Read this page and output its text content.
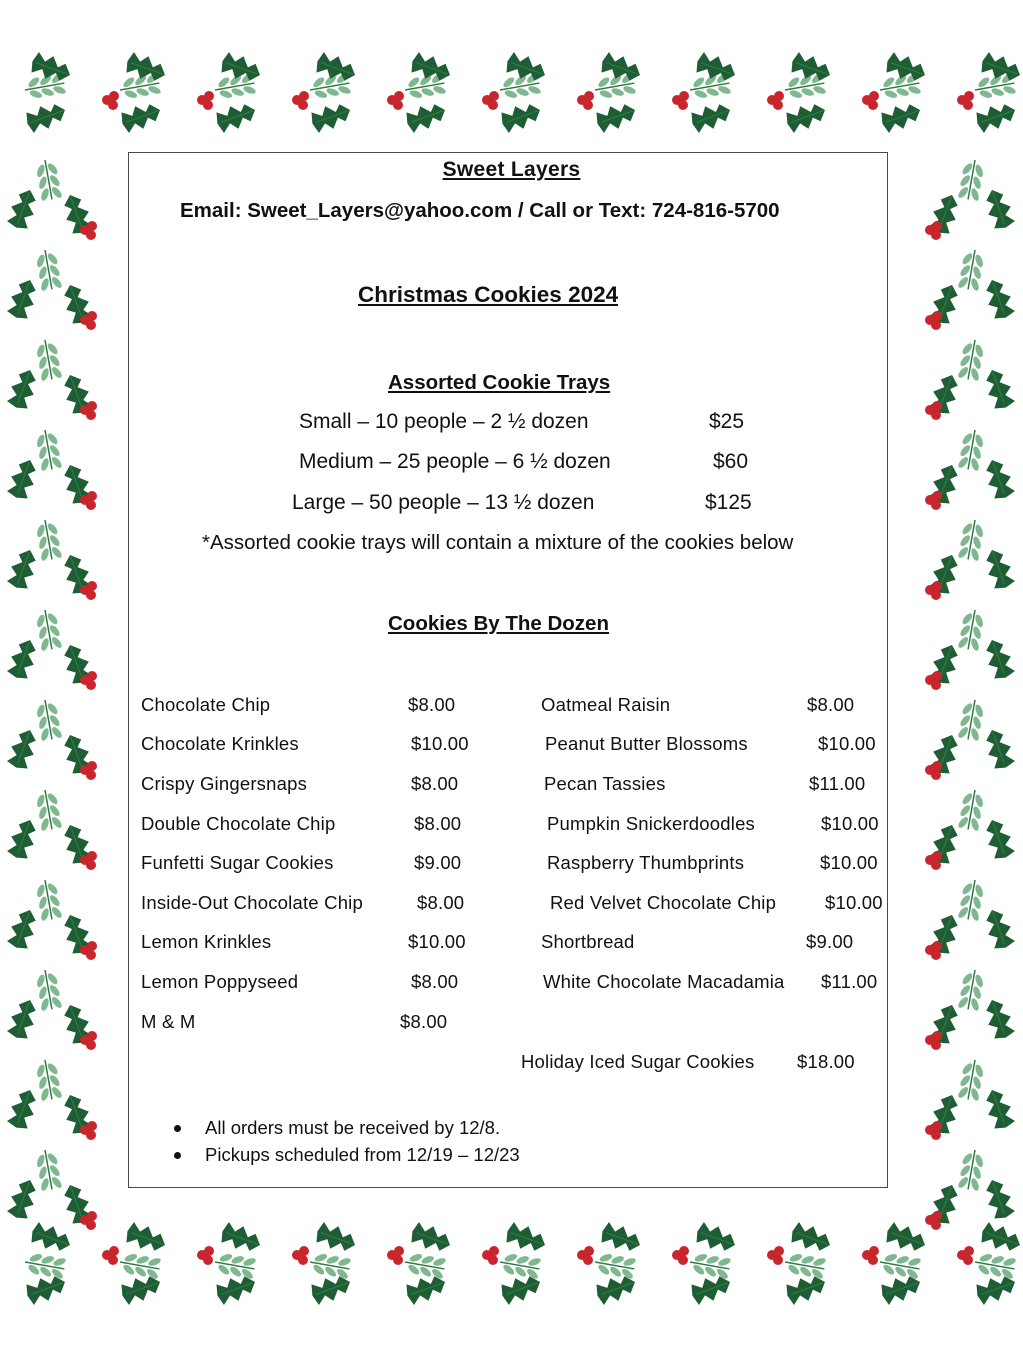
Sweet Layers
Email: Sweet_Layers@yahoo.com / Call or Text: 724-816-5700
Christmas Cookies 2024
Assorted Cookie Trays
Small – 10 people – 2 ½ dozen	$25
Medium – 25 people – 6 ½ dozen	$60
Large – 50 people – 13 ½ dozen	$125
*Assorted cookie trays will contain a mixture of the cookies below
Cookies By The Dozen
Chocolate Chip	$8.00
Chocolate Krinkles	$10.00
Crispy Gingersnaps	$8.00
Double Chocolate Chip	$8.00
Funfetti Sugar Cookies	$9.00
Inside-Out Chocolate Chip	$8.00
Lemon Krinkles	$10.00
Lemon Poppyseed	$8.00
M & M	$8.00
Oatmeal Raisin	$8.00
Peanut Butter Blossoms	$10.00
Pecan Tassies	$11.00
Pumpkin Snickerdoodles	$10.00
Raspberry Thumbprints	$10.00
Red Velvet Chocolate Chip	$10.00
Shortbread	$9.00
White Chocolate Macadamia $11.00
Holiday Iced Sugar Cookies $18.00
All orders must be received by 12/8.
Pickups scheduled from 12/19 – 12/23
